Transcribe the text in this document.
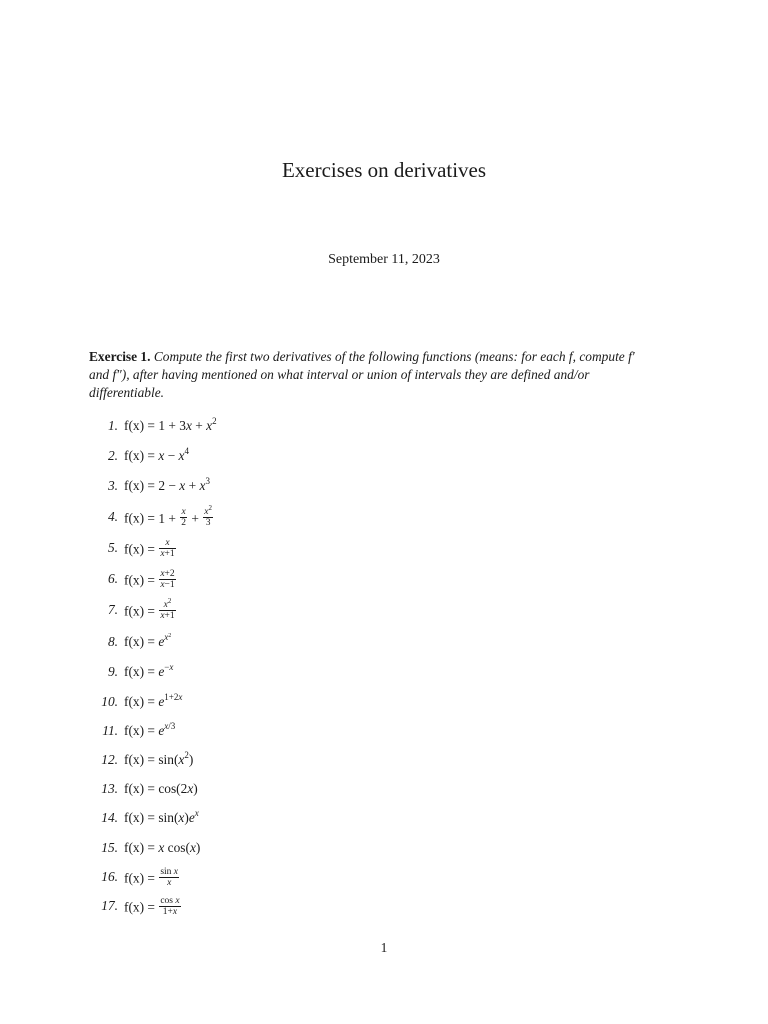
Exercises on derivatives
September 11, 2023
Exercise 1. Compute the first two derivatives of the following functions (means: for each f, compute f′ and f″), after having mentioned on what interval or union of intervals they are defined and/or differentiable.
1. $f(x) = 1 + 3x + x^2$
2. $f(x) = x - x^4$
3. $f(x) = 2 - x + x^3$
4. $f(x) = 1 + \frac{x}{2} + \frac{x^2}{3}$
5. $f(x) = \frac{x}{x+1}$
6. $f(x) = \frac{x+2}{x-1}$
7. $f(x) = \frac{x^2}{x+1}$
8. $f(x) = e^{x^2}$
9. $f(x) = e^{-x}$
10. $f(x) = e^{1+2x}$
11. $f(x) = e^{x/3}$
12. $f(x) = \sin(x^2)$
13. f(x) = cos(2x)
14. $f(x) = \sin(x)e^x$
15. f(x) = x cos(x)
16. $f(x) = \frac{\text{sin x}}{x}$
17. $f(x) = \frac{\text{cos x}}{1+x}$
1
